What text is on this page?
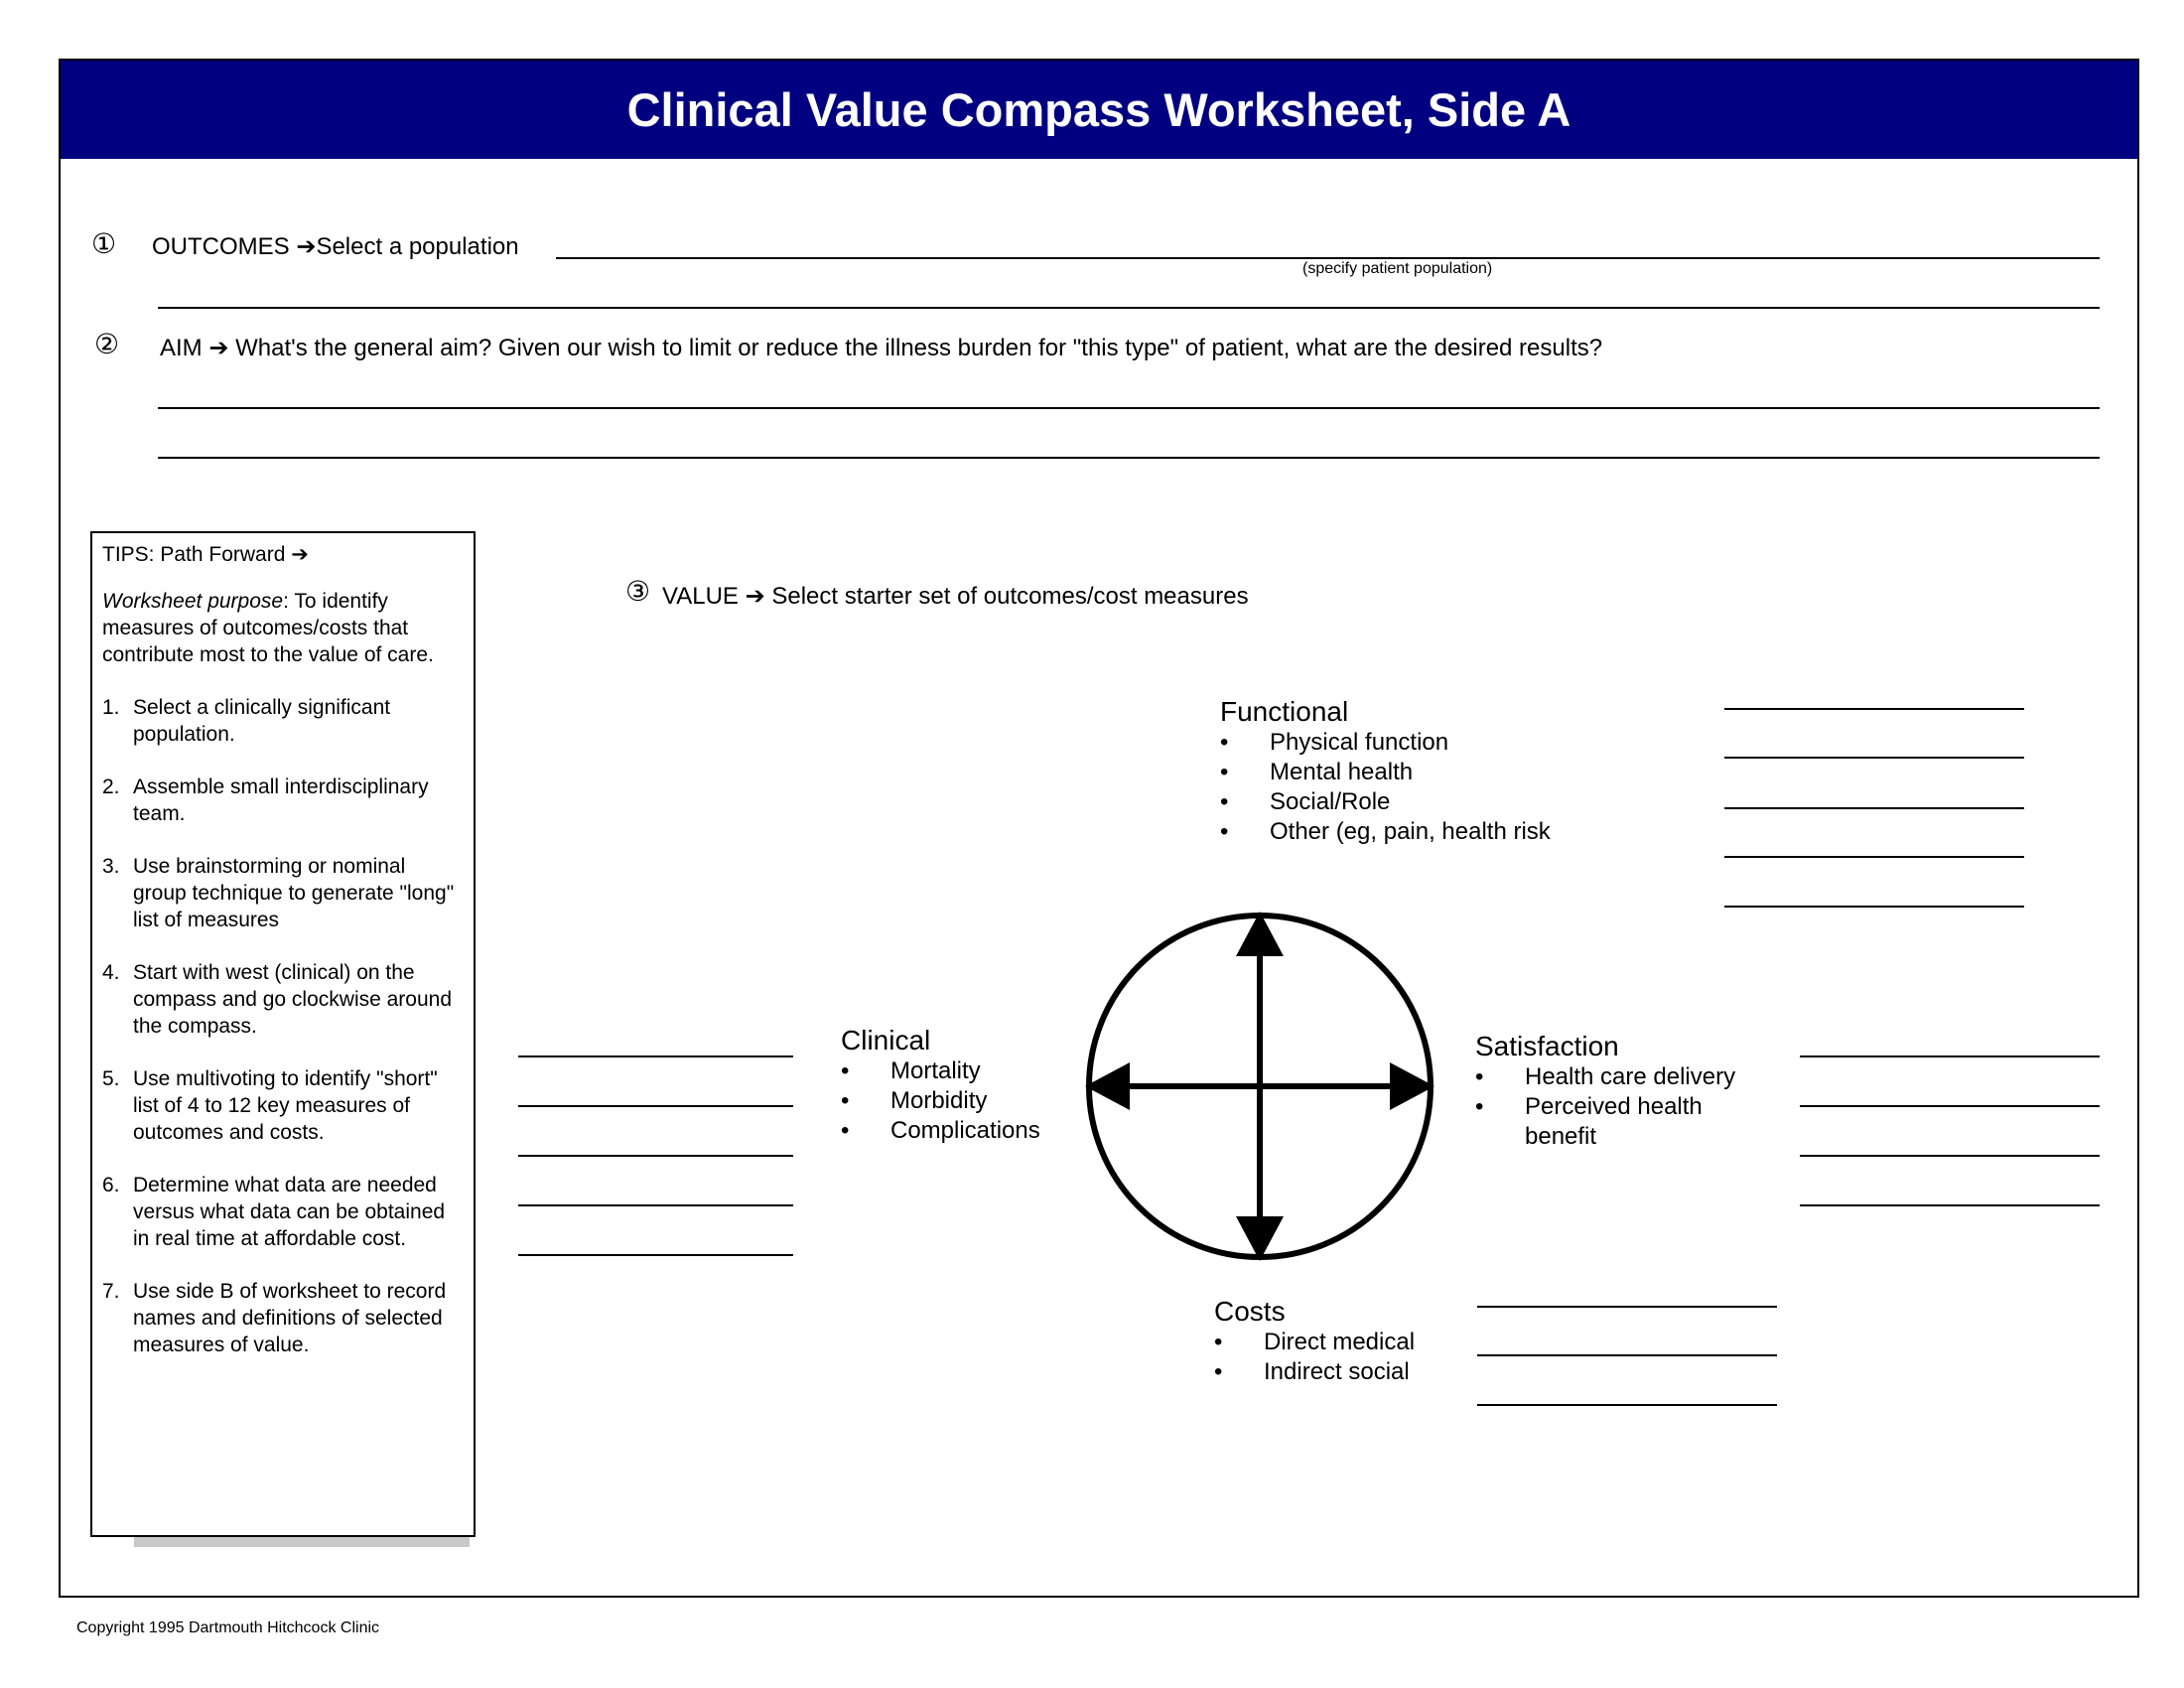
Clinical Value Compass Worksheet, Side A
① OUTCOMES ➔Select a population
(specify patient population)
② AIM ➔ What's the general aim? Given our wish to limit or reduce the illness burden for "this type" of patient, what are the desired results?

TIPS: Path Forward ➔

Worksheet purpose: To identify measures of outcomes/costs that contribute most to the value of care.

1. Select a clinically significant population.
2. Assemble small interdisciplinary team.
3. Use brainstorming or nominal group technique to generate "long" list of measures
4. Start with west (clinical) on the compass and go clockwise around the compass.
5. Use multivoting to identify "short" list of 4 to 12 key measures of outcomes and costs.
6. Determine what data are needed versus what data can be obtained in real time at affordable cost.
7. Use side B of worksheet to record names and definitions of selected measures of value.
③ VALUE ➔ Select starter set of outcomes/cost measures
Functional
•	Physical function
•	Mental health
•	Social/Role
•	Other (eg, pain, health risk
Clinical
•	Mortality
•	Morbidity
•	Complications
Satisfaction
•	Health care delivery
•	Perceived health benefit
Costs
•	Direct medical
•	Indirect social
Copyright 1995 Dartmouth Hitchcock Clinic
